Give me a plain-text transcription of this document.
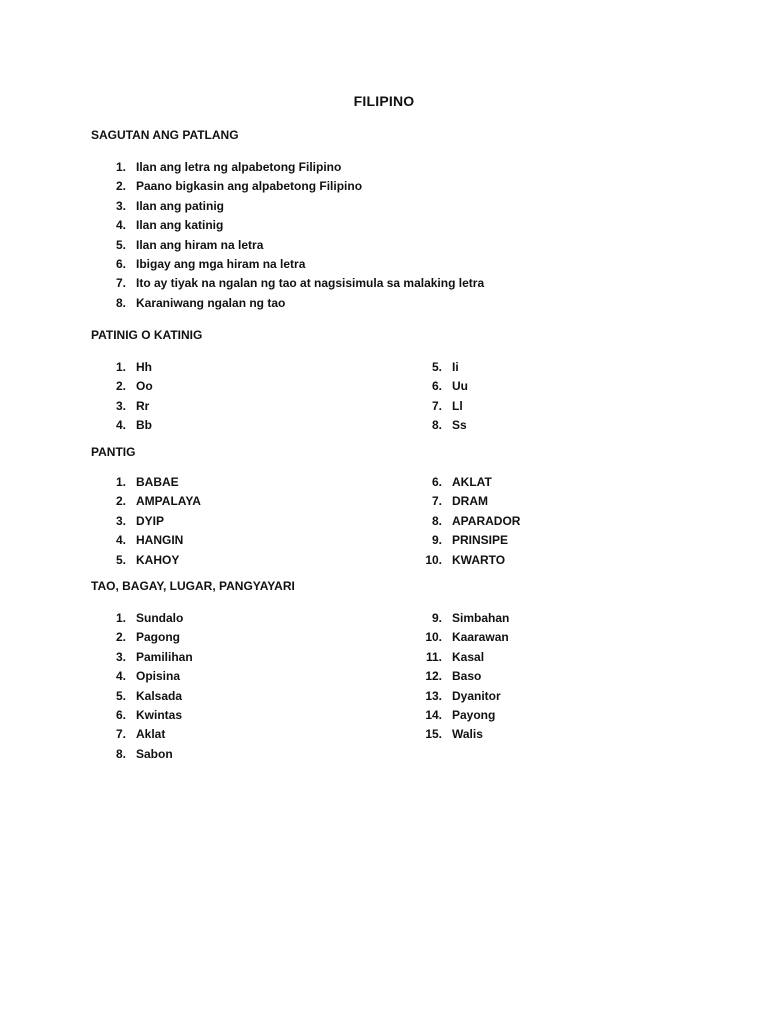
FILIPINO
SAGUTAN ANG PATLANG
1. Ilan ang letra ng alpabetong Filipino
2. Paano bigkasin ang alpabetong Filipino
3. Ilan ang patinig
4. Ilan ang katinig
5. Ilan ang hiram na letra
6. Ibigay ang mga hiram na letra
7. Ito ay tiyak na ngalan ng tao at nagsisimula sa malaking letra
8. Karaniwang ngalan ng tao
PATINIG O KATINIG
1. Hh
2. Oo
3. Rr
4. Bb
5. Ii
6. Uu
7. Ll
8. Ss
PANTIG
1. BABAE
2. AMPALAYA
3. DYIP
4. HANGIN
5. KAHOY
6. AKLAT
7. DRAM
8. APARADOR
9. PRINSIPE
10. KWARTO
TAO, BAGAY, LUGAR, PANGYAYARI
1. Sundalo
2. Pagong
3. Pamilihan
4. Opisina
5. Kalsada
6. Kwintas
7. Aklat
8. Sabon
9. Simbahan
10. Kaarawan
11. Kasal
12. Baso
13. Dyanitor
14. Payong
15. Walis
